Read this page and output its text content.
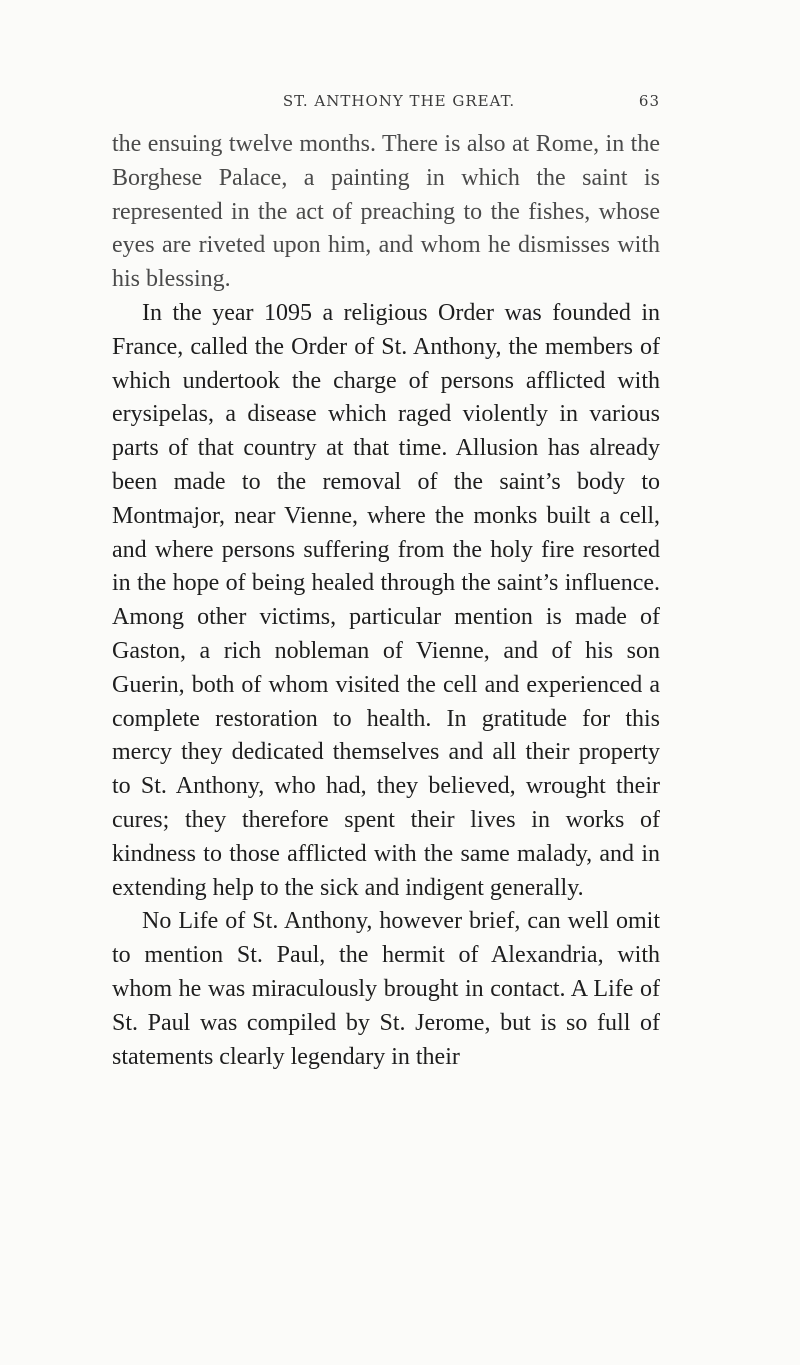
ST. ANTHONY THE GREAT.	63

the ensuing twelve months. There is also at Rome, in the Borghese Palace, a painting in which the saint is represented in the act of preaching to the fishes, whose eyes are riveted upon him, and whom he dismisses with his blessing.

In the year 1095 a religious Order was founded in France, called the Order of St. Anthony, the members of which undertook the charge of persons afflicted with erysipelas, a disease which raged violently in various parts of that country at that time. Allusion has already been made to the removal of the saint’s body to Montmajor, near Vienne, where the monks built a cell, and where persons suffering from the holy fire resorted in the hope of being healed through the saint’s influence. Among other victims, particular mention is made of Gaston, a rich nobleman of Vienne, and of his son Guerin, both of whom visited the cell and experienced a complete restoration to health. In gratitude for this mercy they dedicated themselves and all their property to St. Anthony, who had, they believed, wrought their cures; they therefore spent their lives in works of kindness to those afflicted with the same malady, and in extending help to the sick and indigent generally.

No Life of St. Anthony, however brief, can well omit to mention St. Paul, the hermit of Alexandria, with whom he was miraculously brought in contact. A Life of St. Paul was compiled by St. Jerome, but is so full of statements clearly legendary in their
